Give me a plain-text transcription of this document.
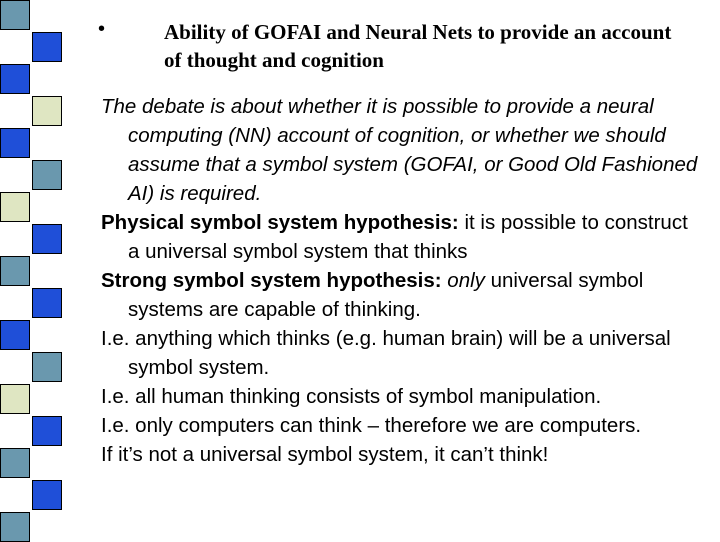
•	Ability of GOFAI and Neural Nets to provide an account of thought and cognition

The debate is about whether it is possible to provide a neural computing (NN) account of cognition, or whether we should assume that a symbol system (GOFAI, or Good Old Fashioned AI) is required.

Physical symbol system hypothesis: it is possible to construct a universal symbol system that thinks

Strong symbol system hypothesis: only universal symbol systems are capable of thinking.

I.e. anything which thinks (e.g. human brain) will be a universal symbol system.

I.e. all human thinking consists of symbol manipulation.

I.e. only computers can think – therefore we are computers.

If it’s not a universal symbol system, it can’t think!
